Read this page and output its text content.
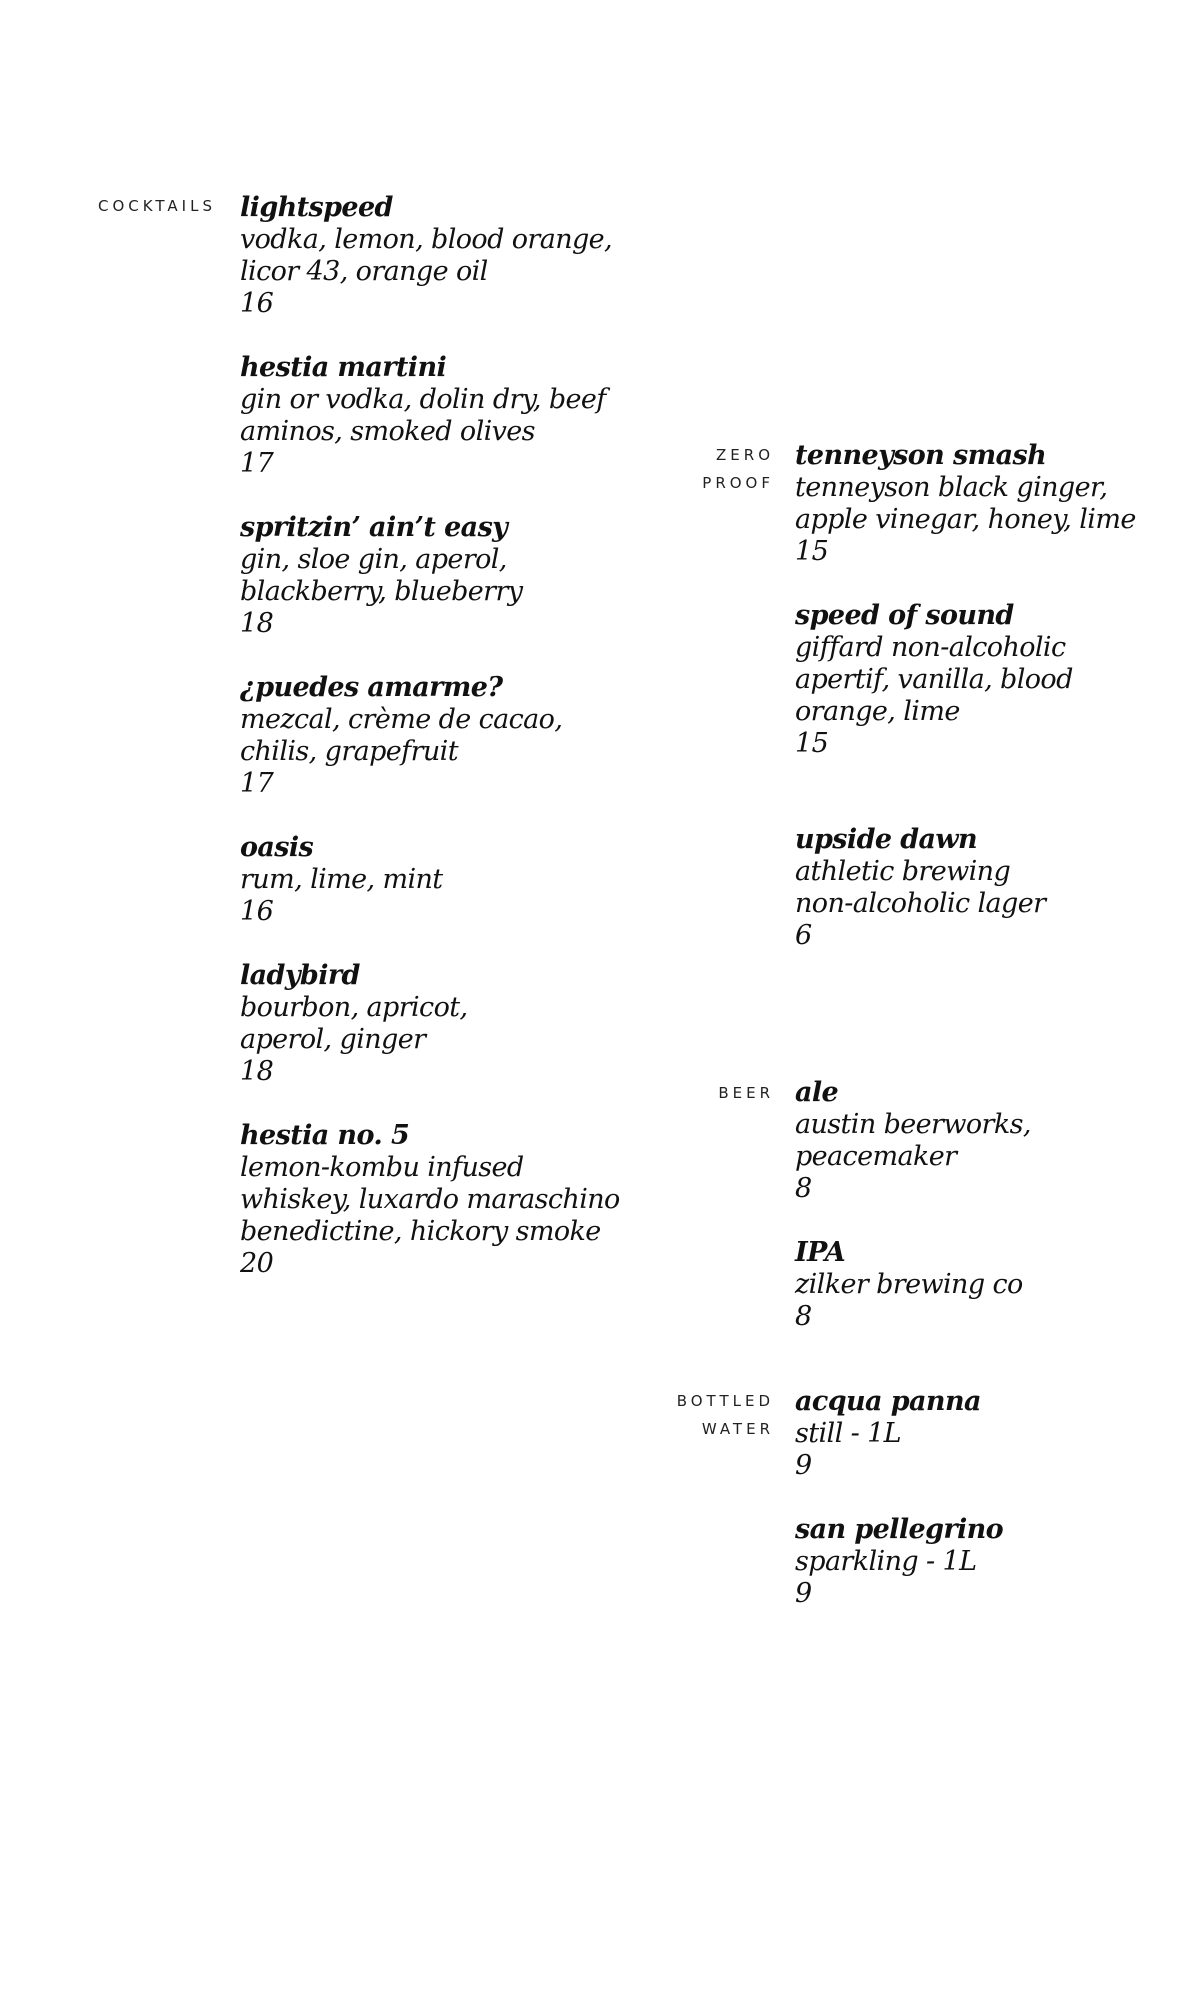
COCKTAILS lightspeed
vodka, lemon, blood orange,
licor 43, orange oil
16
hestia martini
gin or vodka, dolin dry, beef
aminos, smoked olives
17
spritzin’ ain’t easy
gin, sloe gin, aperol,
blackberry, blueberry
18
¿puedes amarme?
mezcal, crème de cacao,
chilis, grapefruit
17
oasis
rum, lime, mint
16
ladybird
bourbon, apricot,
aperol, ginger
18
hestia no. 5
lemon-kombu infused
whiskey, luxardo maraschino
benedictine, hickory smoke
20
ZERO
PROOF
tenneyson smash
tenneyson black ginger,
apple vinegar, honey, lime
15
speed of sound
giffard non-alcoholic
apertif, vanilla, blood
orange, lime
15
upside dawn
athletic brewing
non-alcoholic lager
6
BEER ale
austin beerworks,
peacemaker
8
IPA
zilker brewing co
8
BOTTLED
WATER
acqua panna
still - 1L
9
san pellegrino
sparkling - 1L
9
